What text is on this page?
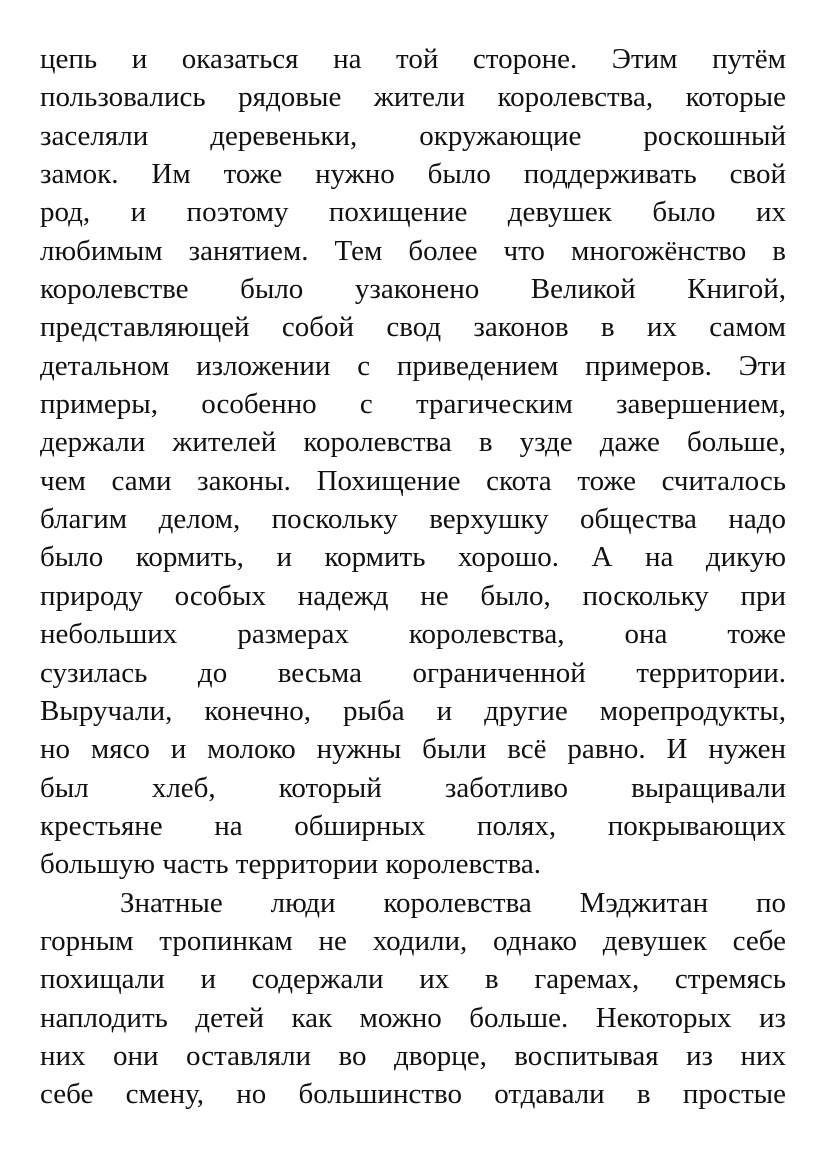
цепь и оказаться на той стороне. Этим путём
пользовались рядовые жители королевства, которые
заселяли деревеньки, окружающие роскошный
замок. Им тоже нужно было поддерживать свой
род, и поэтому похищение девушек было их
любимым занятием. Тем более что многожёнство в
королевстве было узаконено Великой Книгой,
представляющей собой свод законов в их самом
детальном изложении с приведением примеров. Эти
примеры, особенно с трагическим завершением,
держали жителей королевства в узде даже больше,
чем сами законы. Похищение скота тоже считалось
благим делом, поскольку верхушку общества надо
было кормить, и кормить хорошо. А на дикую
природу особых надежд не было, поскольку при
небольших размерах королевства, она тоже
сузилась до весьма ограниченной территории.
Выручали, конечно, рыба и другие морепродукты,
но мясо и молоко нужны были всё равно. И нужен
был хлеб, который заботливо выращивали
крестьяне на обширных полях, покрывающих
большую часть территории королевства.
Знатные люди королевства Мэджитан по
горным тропинкам не ходили, однако девушек себе
похищали и содержали их в гаремах, стремясь
наплодить детей как можно больше. Некоторых из
них они оставляли во дворце, воспитывая из них
себе смену, но большинство отдавали в простые
